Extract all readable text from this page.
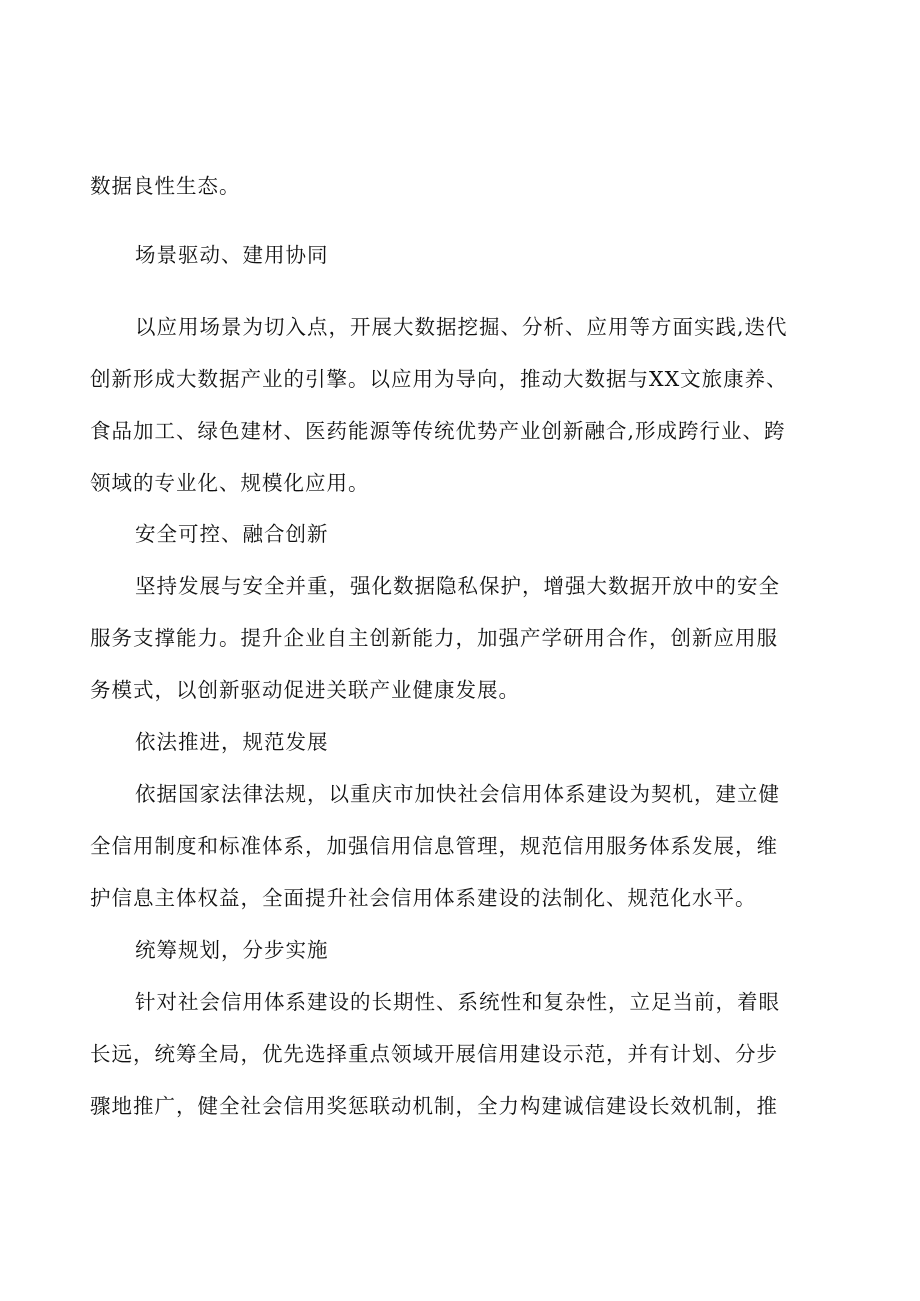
数据良性生态。
场景驱动、建用协同
以应用场景为切入点，开展大数据挖掘、分析、应用等方面实践,迭代
创新形成大数据产业的引擎。以应用为导向，推动大数据与XX文旅康养、
食品加工、绿色建材、医药能源等传统优势产业创新融合,形成跨行业、跨
领域的专业化、规模化应用。
安全可控、融合创新
坚持发展与安全并重，强化数据隐私保护，增强大数据开放中的安全
服务支撑能力。提升企业自主创新能力，加强产学研用合作，创新应用服
务模式，以创新驱动促进关联产业健康发展。
依法推进，规范发展
依据国家法律法规，以重庆市加快社会信用体系建设为契机，建立健
全信用制度和标准体系，加强信用信息管理，规范信用服务体系发展，维
护信息主体权益，全面提升社会信用体系建设的法制化、规范化水平。
统筹规划，分步实施
针对社会信用体系建设的长期性、系统性和复杂性，立足当前，着眼
长远，统筹全局，优先选择重点领域开展信用建设示范，并有计划、分步
骤地推广，健全社会信用奖惩联动机制，全力构建诚信建设长效机制，推
